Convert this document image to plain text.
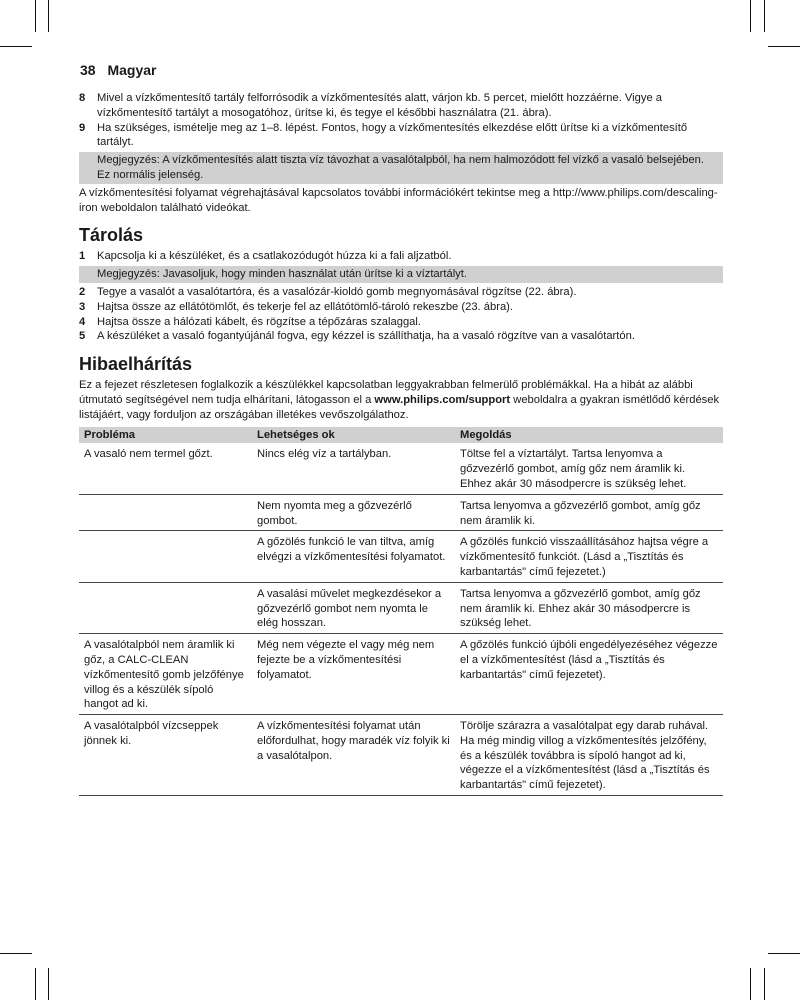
38 Magyar
8 Mivel a vízkőmentesítő tartály felforrósodik a vízkőmentesítés alatt, várjon kb. 5 percet, mielőtt hozzáérne. Vigye a vízkőmentesítő tartályt a mosogatóhoz, ürítse ki, és tegye el későbbi használatra (21. ábra).
9 Ha szükséges, ismételje meg az 1–8. lépést. Fontos, hogy a vízkőmentesítés elkezdése előtt ürítse ki a vízkőmentesítő tartályt.
Megjegyzés: A vízkőmentesítés alatt tiszta víz távozhat a vasalótalpból, ha nem halmozódott fel vízkő a vasaló belsejében. Ez normális jelenség.
A vízkőmentesítési folyamat végrehajtásával kapcsolatos további információkért tekintse meg a http://www.philips.com/descaling-iron weboldalon található videókat.
Tárolás
1 Kapcsolja ki a készüléket, és a csatlakozódugót húzza ki a fali aljzatból.
Megjegyzés: Javasoljuk, hogy minden használat után ürítse ki a víztartályt.
2 Tegye a vasalót a vasalótartóra, és a vasalózár-kioldó gomb megnyomásával rögzítse (22. ábra).
3 Hajtsa össze az ellátótömlőt, és tekerje fel az ellátótömlő-tároló rekeszbe (23. ábra).
4 Hajtsa össze a hálózati kábelt, és rögzítse a tépőzáras szalaggal.
5 A készüléket a vasaló fogantyújánál fogva, egy kézzel is szállíthatja, ha a vasaló rögzítve van a vasalótartón.
Hibaelhárítás
Ez a fejezet részletesen foglalkozik a készülékkel kapcsolatban leggyakrabban felmerülő problémákkal. Ha a hibát az alábbi útmutató segítségével nem tudja elhárítani, látogasson el a www.philips.com/support weboldalra a gyakran ismétlődő kérdések listájáért, vagy forduljon az országában illetékes vevőszolgálathoz.
Probléma	Lehetséges ok	Megoldás
A vasaló nem termel gőzt.	Nincs elég víz a tartályban.	Töltse fel a víztartályt. Tartsa lenyomva a gőzvezérlő gombot, amíg gőz nem áramlik ki. Ehhez akár 30 másodpercre is szükség lehet.
	Nem nyomta meg a gőzvezérlő gombot.	Tartsa lenyomva a gőzvezérlő gombot, amíg gőz nem áramlik ki.
	A gőzölés funkció le van tiltva, amíg elvégzi a vízkőmentesítési folyamatot.	A gőzölés funkció visszaállításához hajtsa végre a vízkőmentesítő funkciót. (Lásd a „Tisztítás és karbantartás" című fejezetet.)
	A vasalási művelet megkezdésekor a gőzvezérlő gombot nem nyomta le elég hosszan.	Tartsa lenyomva a gőzvezérlő gombot, amíg gőz nem áramlik ki. Ehhez akár 30 másodpercre is szükség lehet.
A vasalótalpból nem áramlik ki gőz, a CALC-CLEAN vízkőmentesítő gomb jelzőfénye villog és a készülék sípoló hangot ad ki.	Még nem végezte el vagy még nem fejezte be a vízkőmentesítési folyamatot.	A gőzölés funkció újbóli engedélyezéséhez végezze el a vízkőmentesítést (lásd a „Tisztítás és karbantartás" című fejezetet).
A vasalótalpból vízcseppek jönnek ki.	A vízkőmentesítési folyamat után előfordulhat, hogy maradék víz folyik ki a vasalótalpon.	Törölje szárazra a vasalótalpat egy darab ruhával. Ha még mindig villog a vízkőmentesítés jelzőfény, és a készülék továbbra is sípoló hangot ad ki, végezze el a vízkőmentesítést (lásd a „Tisztítás és karbantartás" című fejezetet).
